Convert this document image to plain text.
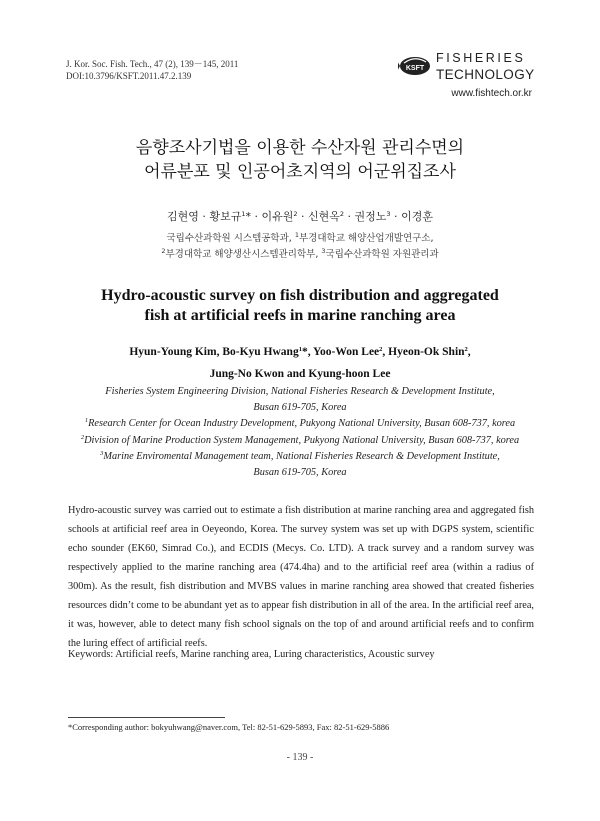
J. Kor. Soc. Fish. Tech., 47 (2), 139－145, 2011
DOI:10.3796/KSFT.2011.47.2.139
KSFT
FISHERIES
TECHNOLOGY
www.fishtech.or.kr
음향조사기법을 이용한 수산자원 관리수면의
어류분포 및 인공어초지역의 어군위집조사
김현영 · 황보규$^1$* · 이유원$^2$ · 신현옥$^2$ · 권정노$^3$ · 이경훈
국립수산과학원 시스템공학과, $^1$부경대학교 해양산업개발연구소,
$^2$부경대학교 해양생산시스템관리학부, $^3$국립수산과학원 자원관리과
Hydro-acoustic survey on fish distribution and aggregated
fish at artificial reefs in marine ranching area
Hyun-Young Kim, Bo-Kyu Hwang$^1$*, Yoo-Won Lee$^2$, Hyeon-Ok Shin$^2$,
Jung-No Kwon and Kyung-hoon Lee
Fisheries System Engineering Division, National Fisheries Research & Development Institute,
Busan 619-705, Korea
$^1$Research Center for Ocean Industry Development, Pukyong National University, Busan 608-737, korea
$^2$Division of Marine Production System Management, Pukyong National University, Busan 608-737, korea
$^3$Marine Enviromental Management team, National Fisheries Research & Development Institute,
Busan 619-705, Korea
Hydro-acoustic survey was carried out to estimate a fish distribution at marine ranching area and aggregated fish schools at artificial reef area in Oeyeondo, Korea. The survey system was set up with DGPS system, scientific echo sounder (EK60, Simrad Co.), and ECDIS (Mecys. Co. LTD). A track survey and a random survey was respectively applied to the marine ranching area (474.4ha) and to the artificial reef area (within a radius of 300m). As the result, fish distribution and MVBS values in marine ranching area showed that created fisheries resources didn’t come to be abundant yet as to appear fish distribution in all of the area. In the artificial reef area, it was, however, able to detect many fish school signals on the top of and around artificial reefs and to confirm the luring effect of artificial reefs.
Keywords: Artificial reefs, Marine ranching area, Luring characteristics, Acoustic survey
*Corresponding author: bokyuhwang@naver.com, Tel: 82-51-629-5893, Fax: 82-51-629-5886
- 139 -
